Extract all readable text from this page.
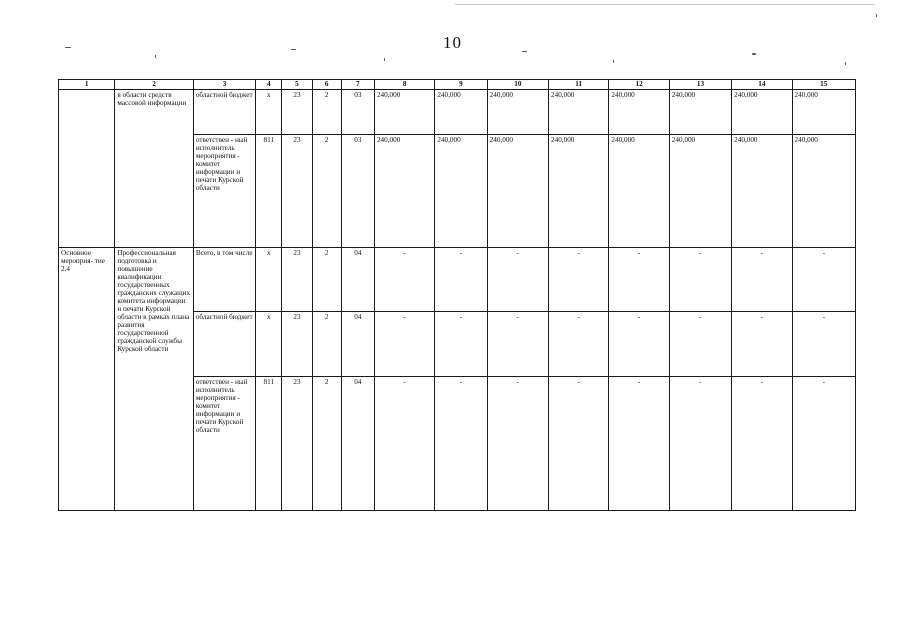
10
1	2	3	4	5	6	7	8	9	10	11	12	13	14	15
	в области средств массовой информации	областной бюджет	х	23	2	03	240,000	240,000	240,000	240,000	240,000	240,000	240,000	240,000
		ответствен - ный исполнитель мероприятия - комитет информации и печати Курской области	811	23	2	03	240,000	240,000	240,000	240,000	240,000	240,000	240,000	240,000
Основное мероприя- тие 2.4	Профессиональная подготовка и повышение квалификации государственных гражданских служащих комитета информации и печати Курской области в рамках плана развития государственной гражданской службы Курской области	Всего, в том числе	х	23	2	04	-	-	-	-	-	-	-	-
		областной бюджет	х	23	2	04	-	-	-	-	-	-	-	-
		ответствен - ный исполнитель мероприятия - комитет информации и печати Курской области	811	23	2	04	-	-	-	-	-	-	-	-
